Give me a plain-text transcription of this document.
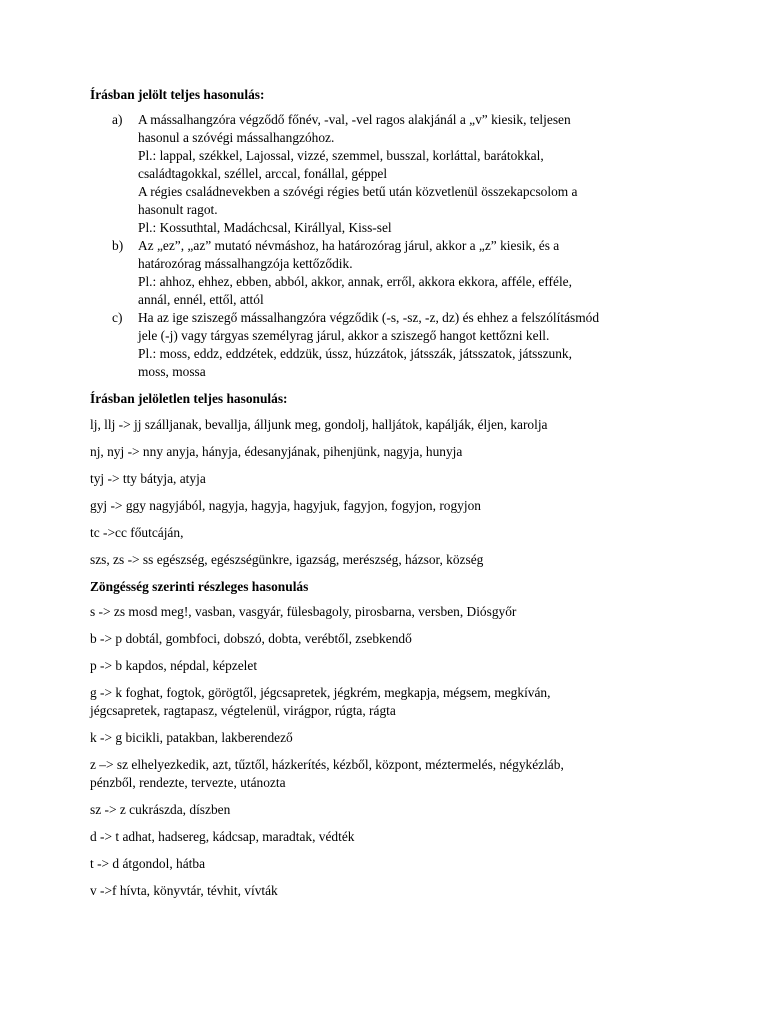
Írásban jelölt teljes hasonulás:
a)	A mássalhangzóra végződő főnév, -val, -vel ragos alakjánál a „v” kiesik, teljesen

hasonul a szóvégi mássalhangzóhoz.

Pl.: lappal, székkel, Lajossal, vizzé, szemmel, busszal, korláttal, barátokkal,

családtagokkal, széllel, arccal, fonállal, géppel

A régies családnevekben a szóvégi régies betű után közvetlenül összekapcsolom a

hasonult ragot.

Pl.: Kossuthtal, Madáchcsal, Királlyal, Kiss-sel

b)	Az „ez”, „az” mutató névmáshoz, ha határozórag járul, akkor a „z” kiesik, és a

határozórag mássalhangzója kettőződik.

Pl.: ahhoz, ehhez, ebben, abból, akkor, annak, erről, akkora ekkora, afféle, efféle,

annál, ennél, ettől, attól

c)	Ha az ige sziszegő mássalhangzóra végződik (-s, -sz, -z, dz) és ehhez a felszólításmód

jele (-j) vagy tárgyas személyrag járul, akkor a sziszegő hangot kettőzni kell.

Pl.: moss, eddz, eddzétek, eddzük, ússz, húzzátok, játsszák, játsszatok, játsszunk,

moss, mossa

Írásban jelöletlen teljes hasonulás:

lj, llj -> jj szálljanak, bevallja, álljunk meg, gondolj, halljátok, kapálják, éljen, karolja

nj, nyj -> nny anyja, hányja, édesanyjának, pihenjünk, nagyja, hunyja

tyj -> tty bátyja, atyja

gyj -> ggy nagyjából, nagyja, hagyja, hagyjuk, fagyjon, fogyjon, rogyjon

tc ->cc főutcáján,

szs, zs -> ss egészség, egészségünkre, igazság, merészség, házsor, község

Zöngésség szerinti részleges hasonulás
s -> zs mosd meg!, vasban, vasgyár, fülesbagoly, pirosbarna, versben, Diósgyőr
b -> p dobtál, gombfoci, dobszó, dobta, verébtől, zsebkendő
p -> b kapdos, népdal, képzelet
g -> k foghat, fogtok, görögtől, jégcsapretek, jégkrém, megkapja, mégsem, megkíván,
jégcsapretek, ragtapasz, végtelenül, virágpor, rúgta, rágta
k -> g bicikli, patakban, lakberendező
z –> sz elhelyezkedik, azt, tűztől, házkerítés, kézből, központ, méztermelés, négykézláb,
pénzből, rendezte, tervezte, utánozta
sz -> z cukrászda, díszben
d -> t adhat, hadsereg, kádcsap, maradtak, védték
t -> d átgondol, hátba
v ->f hívta, könyvtár, tévhit, vívták
